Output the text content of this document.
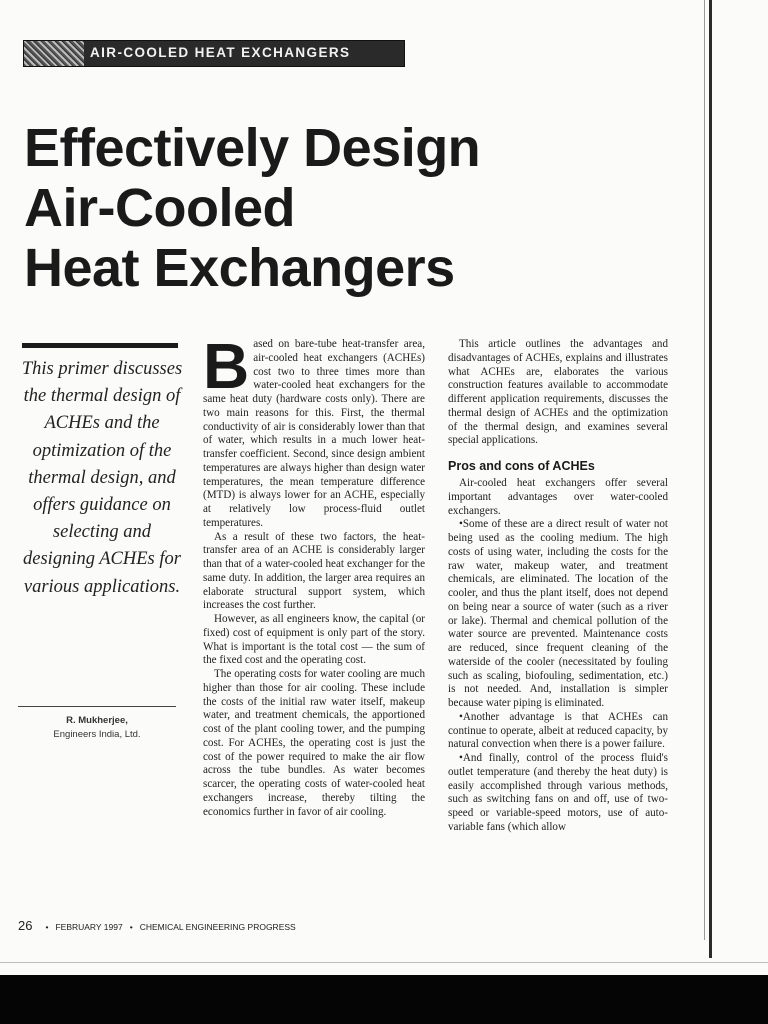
AIR-COOLED HEAT EXCHANGERS
Effectively Design
Air-Cooled
Heat Exchangers
This primer discusses the thermal design of ACHEs and the optimization of the thermal design, and offers guidance on selecting and designing ACHEs for various applications.
R. Mukherjee,
Engineers India, Ltd.
B ased on bare-tube heat-transfer area, air-cooled heat exchangers (ACHEs) cost two to three times more than water-cooled heat exchangers for the same heat duty (hardware costs only). There are two main reasons for this. First, the thermal conductivity of air is considerably lower than that of water, which results in a much lower heat-transfer coefficient. Second, since design ambient temperatures are always higher than design water temperatures, the mean temperature difference (MTD) is always lower for an ACHE, especially at relatively low process-fluid outlet temperatures.

As a result of these two factors, the heat-transfer area of an ACHE is considerably larger than that of a water-cooled heat exchanger for the same duty. In addition, the larger area requires an elaborate structural support system, which increases the cost further.

However, as all engineers know, the capital (or fixed) cost of equipment is only part of the story. What is important is the total cost — the sum of the fixed cost and the operating cost.

The operating costs for water cooling are much higher than those for air cooling. These include the costs of the initial raw water itself, makeup water, and treatment chemicals, the apportioned cost of the plant cooling tower, and the pumping cost. For ACHEs, the operating cost is just the cost of the power required to make the air flow across the tube bundles. As water becomes scarcer, the operating costs of water-cooled heat exchangers increase, thereby tilting the economics further in favor of air cooling.

This article outlines the advantages and disadvantages of ACHEs, explains and illustrates what ACHEs are, elaborates the various construction features available to accommodate different application requirements, discusses the thermal design of ACHEs and the optimization of the thermal design, and examines several special applications.

Pros and cons of ACHEs

Air-cooled heat exchangers offer several important advantages over water-cooled exchangers.

•Some of these are a direct result of water not being used as the cooling medium. The high costs of using water, including the costs for the raw water, makeup water, and treatment chemicals, are eliminated. The location of the cooler, and thus the plant itself, does not depend on being near a source of water (such as a river or lake). Thermal and chemical pollution of the water source are prevented. Maintenance costs are reduced, since frequent cleaning of the waterside of the cooler (necessitated by fouling such as scaling, biofouling, sedimentation, etc.) is not needed. And, installation is simpler because water piping is eliminated.

•Another advantage is that ACHEs can continue to operate, albeit at reduced capacity, by natural convection when there is a power failure.

•And finally, control of the process fluid's outlet temperature (and thereby the heat duty) is easily accomplished through various methods, such as switching fans on and off, use of two-speed or variable-speed motors, use of auto-variable fans (which allow

26 • FEBRUARY 1997 • CHEMICAL ENGINEERING PROGRESS
